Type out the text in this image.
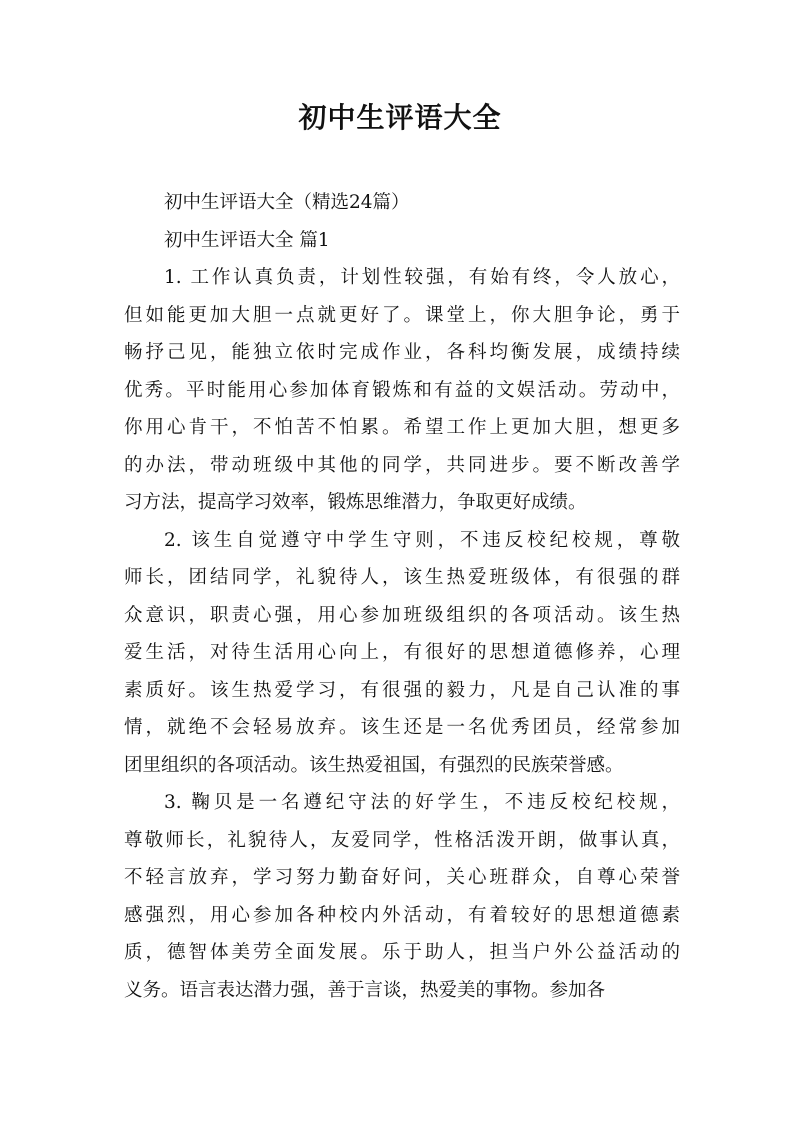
初中生评语大全
初中生评语大全（精选24篇）
初中生评语大全 篇1
1. 工作认真负责，计划性较强，有始有终，令人放心，
但如能更加大胆一点就更好了。课堂上，你大胆争论，勇于
畅抒己见，能独立依时完成作业，各科均衡发展，成绩持续
优秀。平时能用心参加体育锻炼和有益的文娱活动。劳动中，
你用心肯干，不怕苦不怕累。希望工作上更加大胆，想更多
的办法，带动班级中其他的同学，共同进步。要不断改善学
习方法，提高学习效率，锻炼思维潜力，争取更好成绩。
2. 该生自觉遵守中学生守则，不违反校纪校规，尊敬
师长，团结同学，礼貌待人，该生热爱班级体，有很强的群
众意识，职责心强，用心参加班级组织的各项活动。该生热
爱生活，对待生活用心向上，有很好的思想道德修养，心理
素质好。该生热爱学习，有很强的毅力，凡是自己认准的事
情，就绝不会轻易放弃。该生还是一名优秀团员，经常参加
团里组织的各项活动。该生热爱祖国，有强烈的民族荣誉感。
3. 鞠贝是一名遵纪守法的好学生，不违反校纪校规，
尊敬师长，礼貌待人，友爱同学，性格活泼开朗，做事认真，
不轻言放弃，学习努力勤奋好问，关心班群众，自尊心荣誉
感强烈，用心参加各种校内外活动，有着较好的思想道德素
质，德智体美劳全面发展。乐于助人，担当户外公益活动的
义务。语言表达潜力强，善于言谈，热爱美的事物。参加各
